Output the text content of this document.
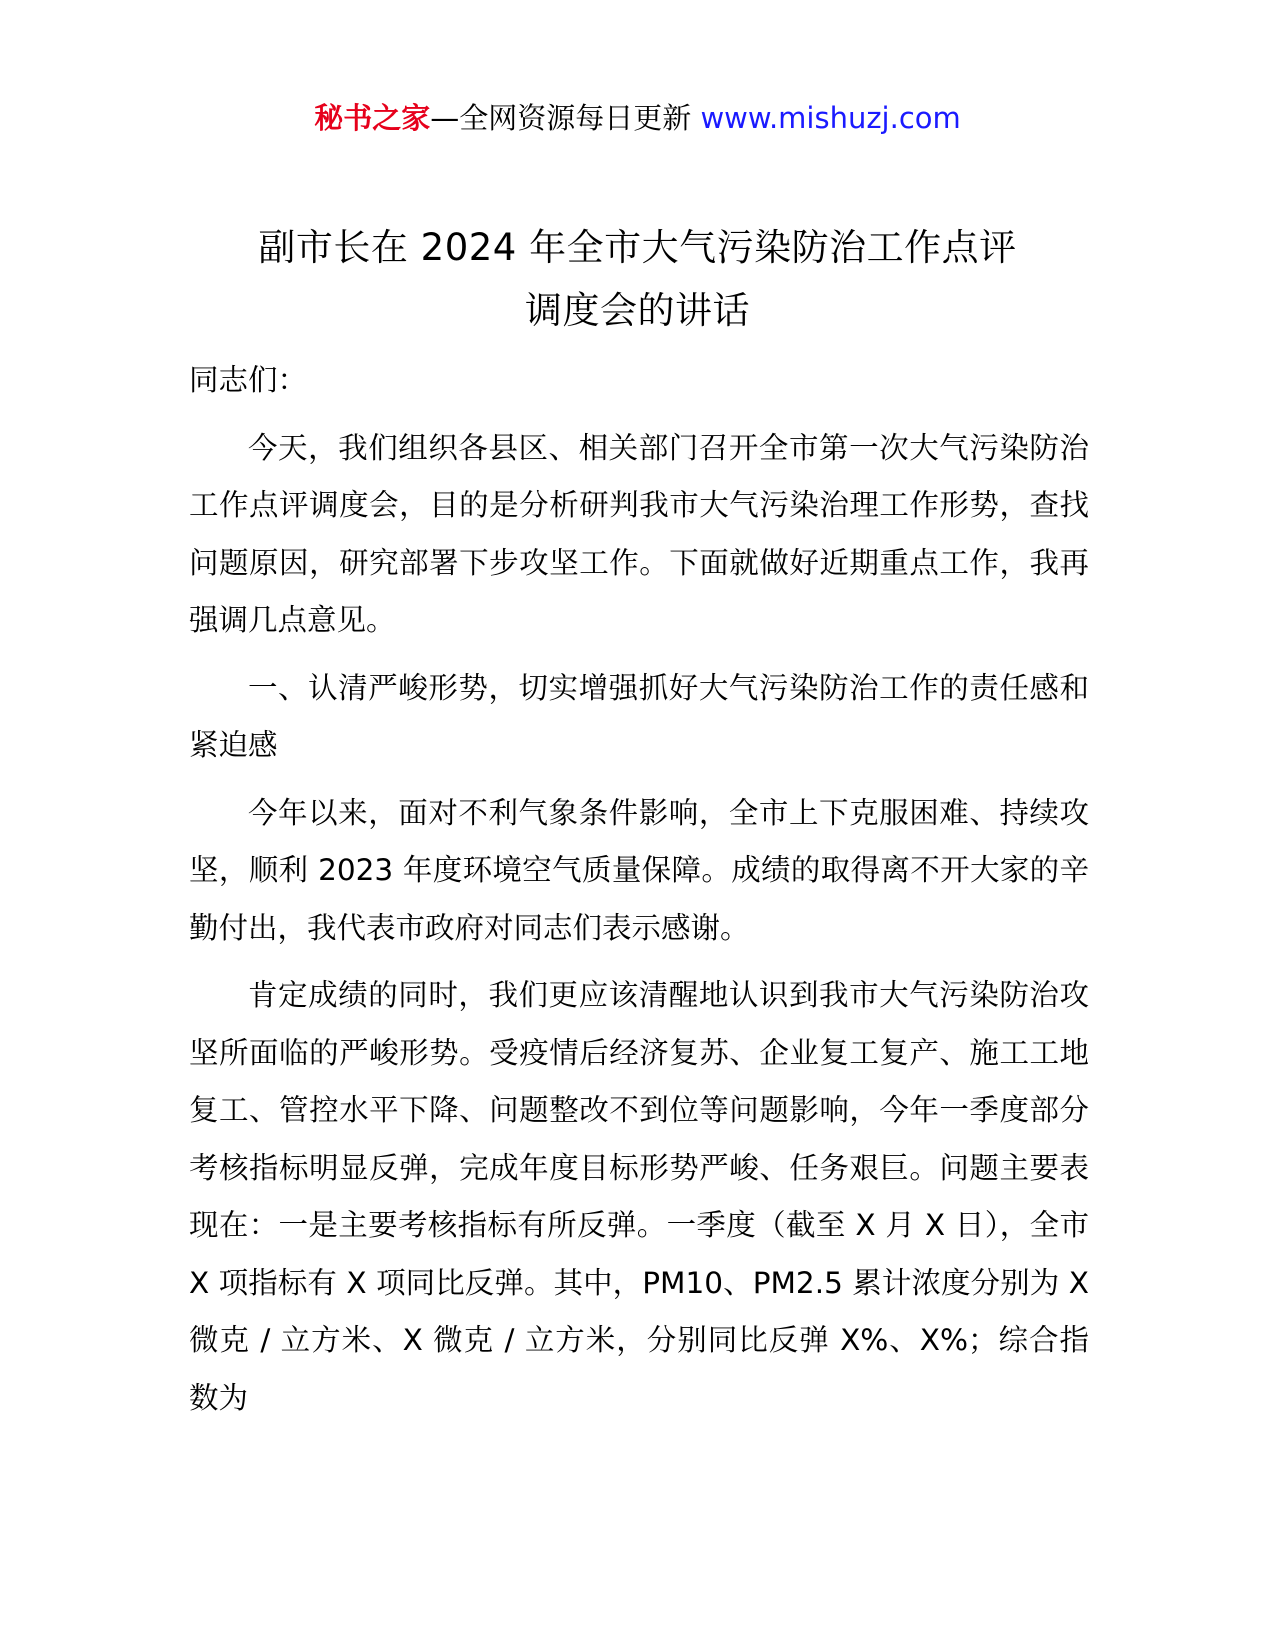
秘书之家—全网资源每日更新 www.mishuzj.com
副市长在 2024 年全市大气污染防治工作点评
调度会的讲话

同志们：

今天，我们组织各县区、相关部门召开全市第一次大气污染防治工作点评调度会，目的是分析研判我市大气污染治理工作形势，查找问题原因，研究部署下步攻坚工作。下面就做好近期重点工作，我再强调几点意见。

一、认清严峻形势，切实增强抓好大气污染防治工作的责任感和紧迫感

今年以来，面对不利气象条件影响，全市上下克服困难、持续攻坚，顺利 2023 年度环境空气质量保障。成绩的取得离不开大家的辛勤付出，我代表市政府对同志们表示感谢。

肯定成绩的同时，我们更应该清醒地认识到我市大气污染防治攻坚所面临的严峻形势。受疫情后经济复苏、企业复工复产、施工工地复工、管控水平下降、问题整改不到位等问题影响，今年一季度部分考核指标明显反弹，完成年度目标形势严峻、任务艰巨。问题主要表现在：一是主要考核指标有所反弹。一季度（截至 X 月 X 日），全市 X 项指标有 X 项同比反弹。其中，PM10、PM2.5 累计浓度分别为 X 微克 / 立方米、X 微克 / 立方米，分别同比反弹 X%、X%；综合指数为
